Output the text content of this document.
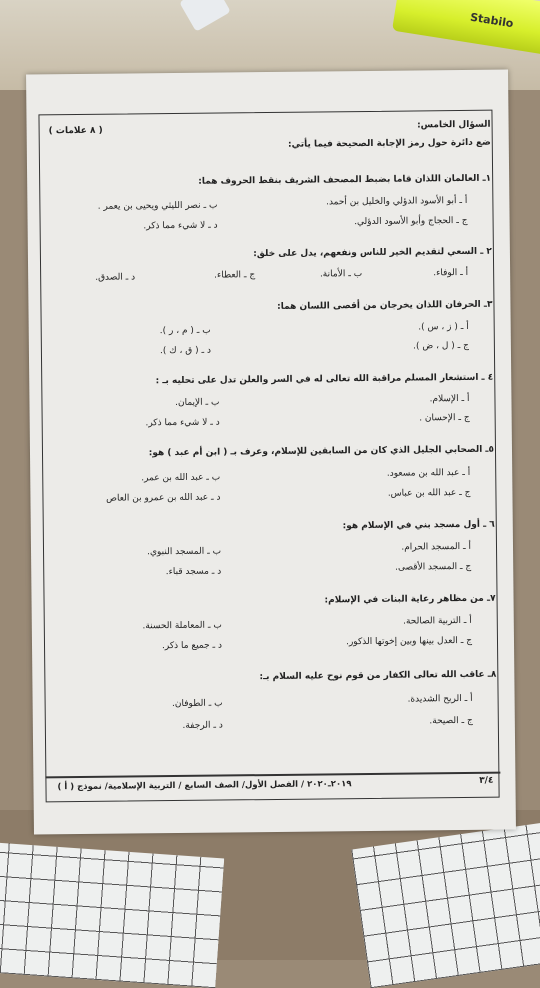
Stabilo
السؤال الخامس:
( ٨ علامات )
ضع دائرة حول رمز الإجابة الصحيحة فيما يأتي:
١ـ العالمان اللذان قاما بضبط المصحف الشريف بنقط الحروف هما:
أ ـ أبو الأسود الدؤلي والخليل بن أحمد.
ب ـ نصر الليثي ويحيى بن يعمر .
ج ـ الحجاج وأبو الأسود الدؤلي.
د ـ لا شيء مما ذكر.
٢ ـ السعي لتقديم الخير للناس ونفعهم، يدل على خلق:
أ ـ الوفاء.
ب ـ الأمانة.
ج ـ العطاء.
د ـ الصدق.
٣ـ الحرفان اللذان يخرجان من أقصى اللسان هما:
أ ـ ( ز ، س ).
ب ـ ( م ، ر ).
ج ـ ( ل ، ض ).
د ـ ( ق ، ك ).
٤ ـ استشعار المسلم مراقبة الله تعالى له في السر والعلن تدل على تحليه بـ :
أ ـ الإسلام.
ب ـ الإيمان.
ج ـ الإحسان .
د ـ لا شيء مما ذكر.
٥ـ الصحابي الجليل الذي كان من السابقين للإسلام، وعرف بـ ( ابن أم عبد ) هو:
أ ـ عبد الله بن مسعود.
ب ـ عبد الله بن عمر.
ج ـ عبد الله بن عباس.
د ـ عبد الله بن عمرو بن العاص
٦ ـ أول مسجد بني في الإسلام هو:
أ ـ المسجد الحرام.
ب ـ المسجد النبوي.
ج ـ المسجد الأقصى.
د ـ مسجد قباء.
٧ـ من مظاهر رعاية البنات في الإسلام:
أ ـ التربية الصالحة.
ب ـ المعاملة الحسنة.
ج ـ العدل بينها وبين إخوتها الذكور.
د ـ جميع ما ذكر.
٨ـ عاقب الله تعالى الكفار من قوم نوح عليه السلام بـ:
أ ـ الريح الشديدة.
ب ـ الطوفان.
ج ـ الصيحة.
د ـ الرجفة.
٣/٤
٢٠١٩ـ٢٠٢٠ / الفصل الأول/ الصف السابع / التربية الإسلامية/ نموذج ( أ )
